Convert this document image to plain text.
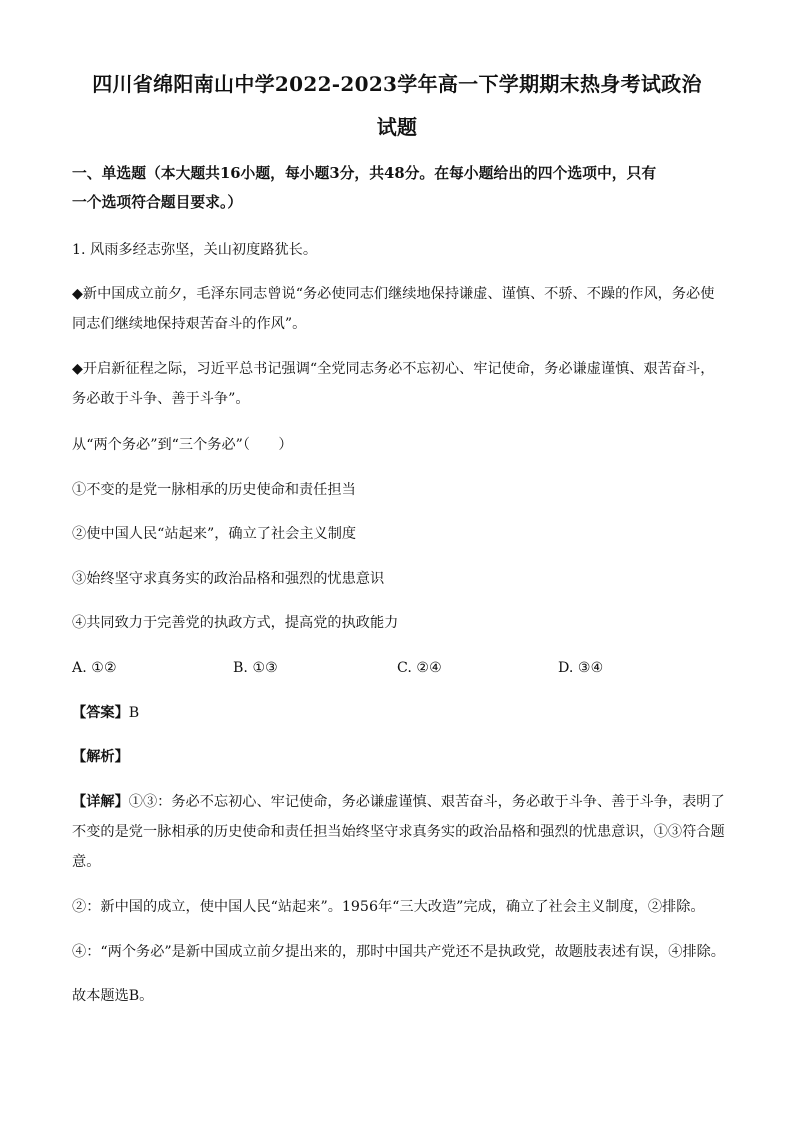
四川省绵阳南山中学2022-2023学年高一下学期期末热身考试政治
试题
一、单选题（本大题共16小题，每小题3分，共48分。在每小题给出的四个选项中，只有
一个选项符合题目要求。）
1. 风雨多经志弥坚，关山初度路犹长。
◆新中国成立前夕，毛泽东同志曾说“务必使同志们继续地保持谦虚、谨慎、不骄、不躁的作风，务必使
同志们继续地保持艰苦奋斗的作风”。
◆开启新征程之际，习近平总书记强调“全党同志务必不忘初心、牢记使命，务必谦虚谨慎、艰苦奋斗，
务必敢于斗争、善于斗争”。
从“两个务必”到“三个务必”（　　）
①不变的是党一脉相承的历史使命和责任担当
②使中国人民“站起来”，确立了社会主义制度
③始终坚守求真务实的政治品格和强烈的忧患意识
④共同致力于完善党的执政方式，提高党的执政能力
A. ①②	B. ①③	C. ②④	D. ③④
【答案】B
【解析】
【详解】①③：务必不忘初心、牢记使命，务必谦虚谨慎、艰苦奋斗，务必敢于斗争、善于斗争，表明了
不变的是党一脉相承的历史使命和责任担当始终坚守求真务实的政治品格和强烈的忧患意识，①③符合题
意。
②：新中国的成立，使中国人民“站起来”。1956年“三大改造”完成，确立了社会主义制度，②排除。
④：“两个务必”是新中国成立前夕提出来的，那时中国共产党还不是执政党，故题肢表述有误，④排除。
故本题选B。
